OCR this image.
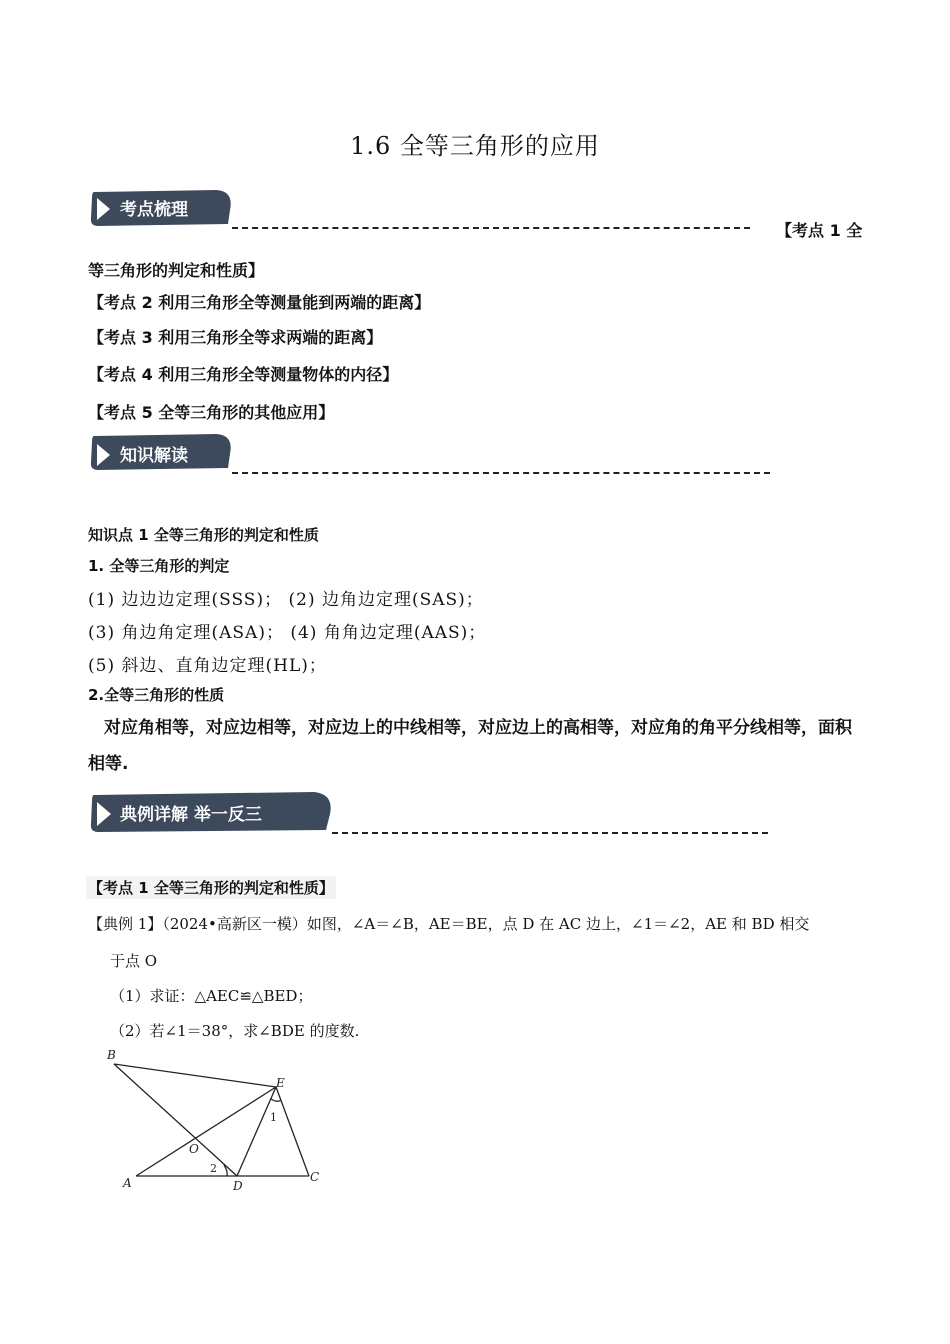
1.6 全等三角形的应用
考点梳理
【考点 1 全
等三角形的判定和性质】
【考点 2 利用三角形全等测量能到两端的距离】
【考点 3 利用三角形全等求两端的距离】
【考点 4 利用三角形全等测量物体的内径】
【考点 5 全等三角形的其他应用】
知识解读
知识点 1 全等三角形的判定和性质
1. 全等三角形的判定
(1) 边边边定理(SSS)； (2) 边角边定理(SAS)；
(3) 角边角定理(ASA)； (4) 角角边定理(AAS)；
(5) 斜边、直角边定理(HL)；
2.全等三角形的性质
对应角相等，对应边相等，对应边上的中线相等，对应边上的高相等，对应角的角平分线相等，面积相等.
典例详解 举一反三
【考点 1 全等三角形的判定和性质】
【典例 1】（2024•高新区一模）如图，∠A＝∠B，AE＝BE，点 D 在 AC 边上，∠1＝∠2，AE 和 BD 相交
于点 O
（1）求证：△AEC≌△BED；
（2）若∠1＝38°，求∠BDE 的度数.
B
E
A	D
C
O
1
2
